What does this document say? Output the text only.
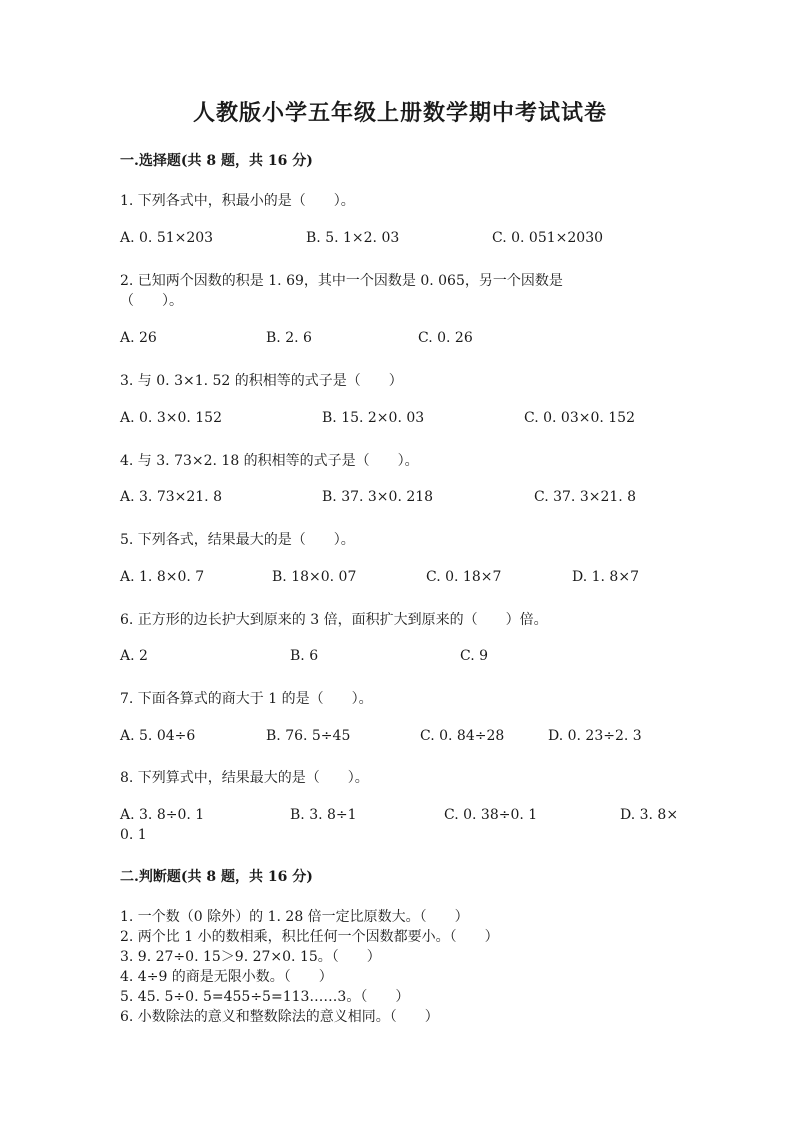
人教版小学五年级上册数学期中考试试卷
一.选择题(共 8 题，共 16 分)
1. 下列各式中，积最小的是（　　）。
A. 0. 51×203	B. 5. 1×2. 03	C. 0. 051×2030
2. 已知两个因数的积是 1. 69，其中一个因数是 0. 065，另一个因数是
（　　）。
A. 26	B. 2. 6	C. 0. 26
3. 与 0. 3×1. 52 的积相等的式子是（　　）
A. 0. 3×0. 152	B. 15. 2×0. 03	C. 0. 03×0. 152
4. 与 3. 73×2. 18 的积相等的式子是（　　）。
A. 3. 73×21. 8	B. 37. 3×0. 218	C. 37. 3×21. 8
5. 下列各式，结果最大的是（　　）。
A. 1. 8×0. 7	B. 18×0. 07	C. 0. 18×7	D. 1. 8×7
6. 正方形的边长护大到原来的 3 倍，面积扩大到原来的（　　）倍。
A. 2	B. 6	C. 9
7. 下面各算式的商大于 1 的是（　　）。
A. 5. 04÷6	B. 76. 5÷45	C. 0. 84÷28	D. 0. 23÷2. 3
8. 下列算式中，结果最大的是（　　）。
A. 3. 8÷0. 1	B. 3. 8÷1	C. 0. 38÷0. 1	D. 3. 8×
0. 1
二.判断题(共 8 题，共 16 分)
1. 一个数（0 除外）的 1. 28 倍一定比原数大。（　　）
2. 两个比 1 小的数相乘，积比任何一个因数都要小。（　　）
3. 9. 27÷0. 15＞9. 27×0. 15。（　　）
4. 4÷9 的商是无限小数。（　　）
5. 45. 5÷0. 5=455÷5=113……3。（　　）
6. 小数除法的意义和整数除法的意义相同。（　　）
